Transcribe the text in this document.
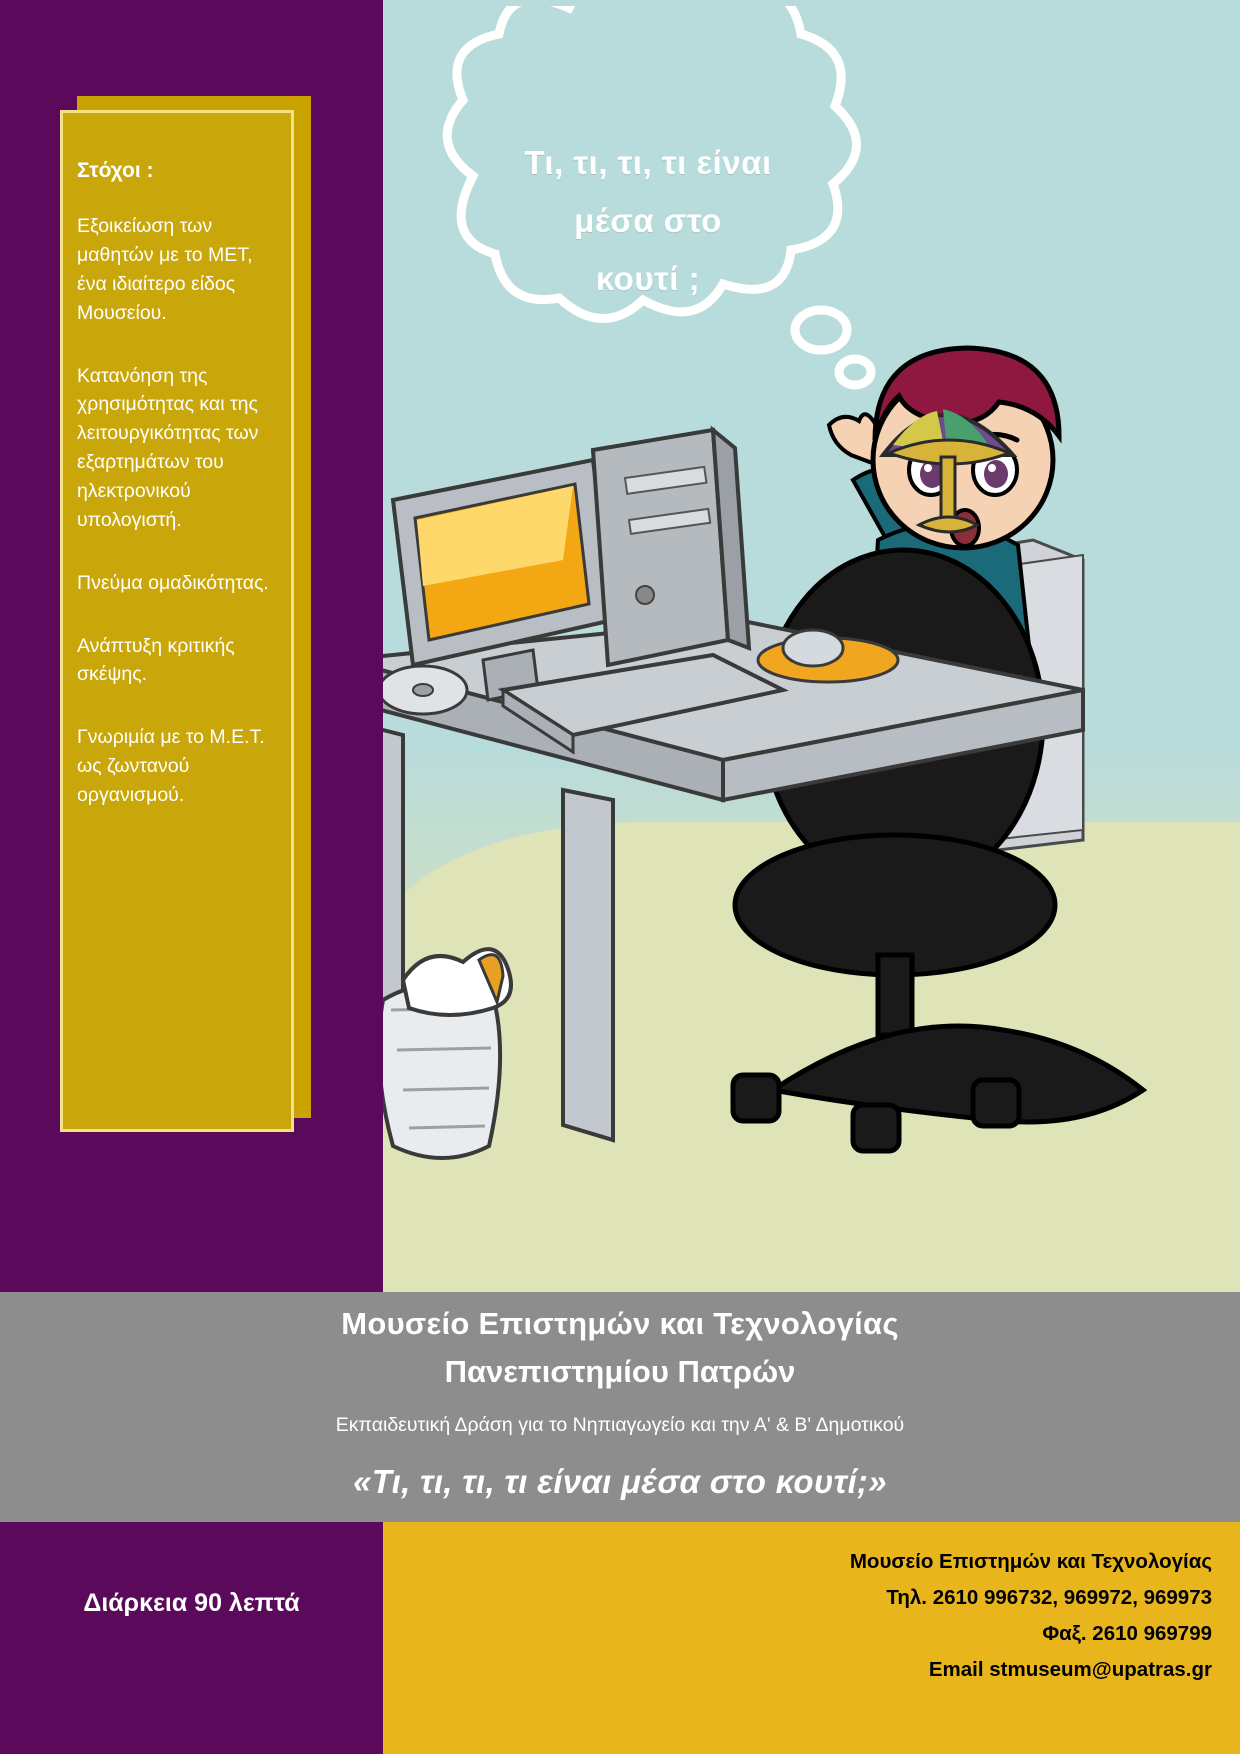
Τι, τι, τι, τι είναι
μέσα στο
κουτί ;
Στόχοι :
Εξοικείωση των μαθητών με το ΜΕΤ, ένα ιδιαίτερο είδος Μουσείου.
Κατανόηση της χρησιμότητας και της λειτουργικότητας των εξαρτημάτων του ηλεκτρονικού υπολογιστή.
Πνεύμα ομαδικότητας.
Ανάπτυξη κριτικής σκέψης.
Γνωριμία με το Μ.Ε.Τ. ως ζωντανού οργανισμού.
Μουσείο Επιστημών και Τεχνολογίας
Πανεπιστημίου Πατρών
Εκπαιδευτική Δράση για το Νηπιαγωγείο και την Α' & Β' Δημοτικού
«Τι, τι, τι, τι είναι μέσα στο κουτί;»
Διάρκεια 90 λεπτά
Μουσείο Επιστημών και Τεχνολογίας
Τηλ. 2610 996732, 969972, 969973
Φαξ. 2610 969799
Email stmuseum@upatras.gr
